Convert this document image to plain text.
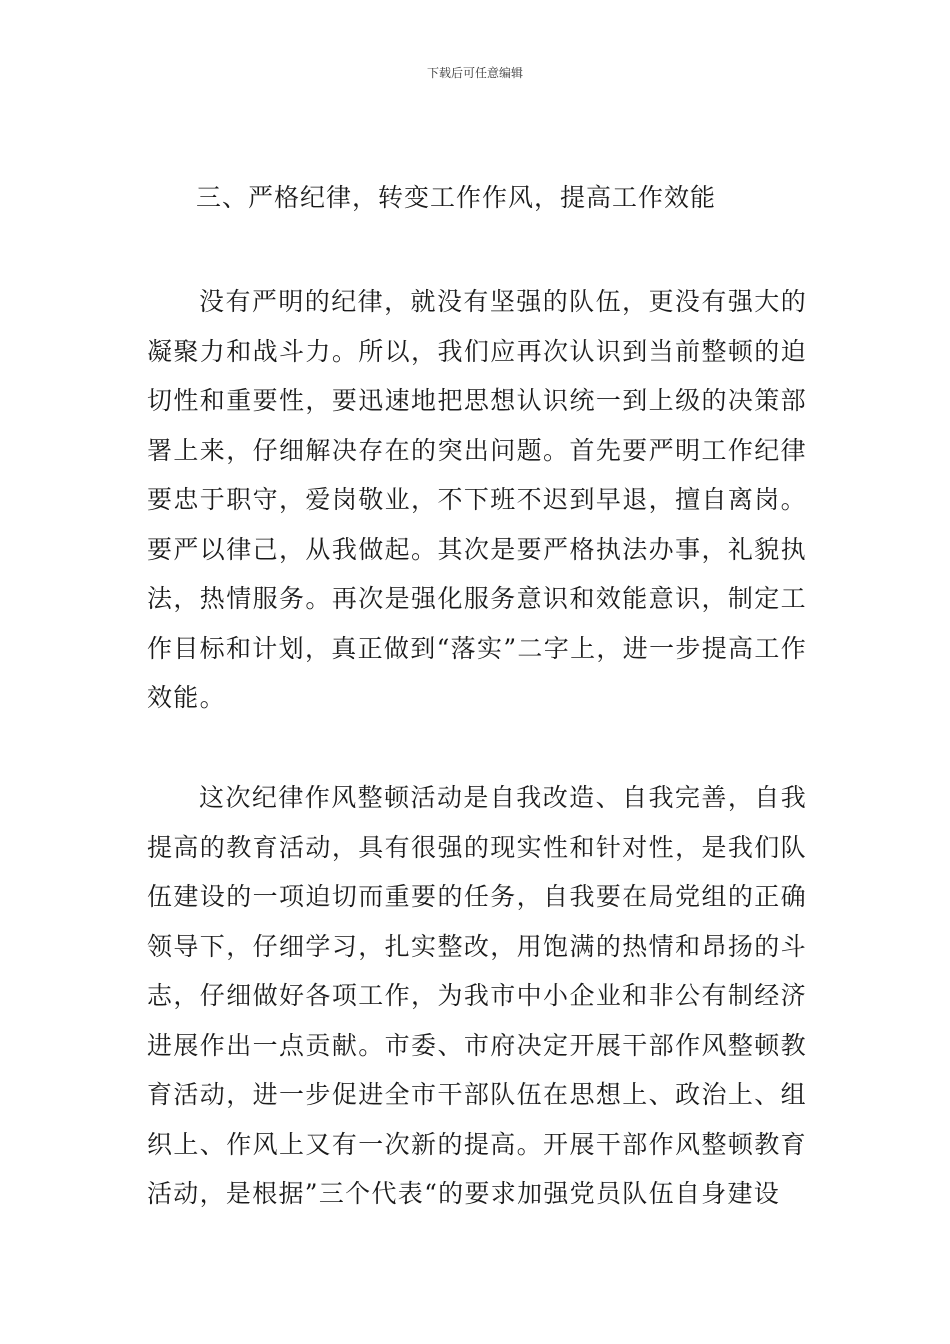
下载后可任意编辑
三、严格纪律，转变工作作风，提高工作效能

没有严明的纪律，就没有坚强的队伍，更没有强大的凝聚力和战斗力。所以，我们应再次认识到当前整顿的迫切性和重要性，要迅速地把思想认识统一到上级的决策部署上来，仔细解决存在的突出问题。首先要严明工作纪律要忠于职守，爱岗敬业，不下班不迟到早退，擅自离岗。要严以律己，从我做起。其次是要严格执法办事，礼貌执法，热情服务。再次是强化服务意识和效能意识，制定工作目标和计划，真正做到“落实”二字上，进一步提高工作效能。

这次纪律作风整顿活动是自我改造、自我完善，自我提高的教育活动，具有很强的现实性和针对性，是我们队伍建设的一项迫切而重要的任务，自我要在局党组的正确领导下，仔细学习，扎实整改，用饱满的热情和昂扬的斗志，仔细做好各项工作，为我市中小企业和非公有制经济进展作出一点贡献。市委、市府决定开展干部作风整顿教育活动，进一步促进全市干部队伍在思想上、政治上、组织上、作风上又有一次新的提高。开展干部作风整顿教育活动，是根据”三个代表“的要求加强党员队伍自身建设
